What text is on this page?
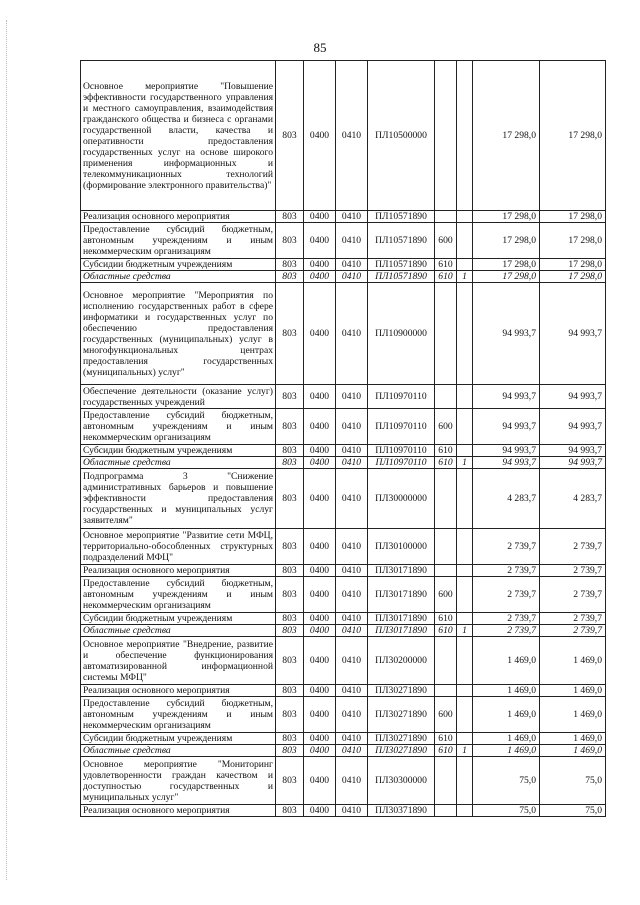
85
Основное мероприятие "Повышение эффективности государственного управления и местного самоуправления, взаимодействия гражданского общества и бизнеса с органами государственной власти, качества и оперативности предоставления государственных услуг на основе широкого применения информационных и телекоммуникационных технологий (формирование электронного правительства)"	803	0400	0410	ПЛ10500000			17 298,0	17 298,0
Реализация основного мероприятия	803	0400	0410	ПЛ10571890			17 298,0	17 298,0
Предоставление субсидий бюджетным, автономным учреждениям и иным некоммерческим организациям	803	0400	0410	ПЛ10571890	600		17 298,0	17 298,0
Субсидии бюджетным учреждениям	803	0400	0410	ПЛ10571890	610		17 298,0	17 298,0
Областные средства	803	0400	0410	ПЛ10571890	610	1	17 298,0	17 298,0
Основное мероприятие "Мероприятия по исполнению государственных работ в сфере информатики и государственных услуг по обеспечению предоставления государственных (муниципальных) услуг в многофункциональных центрах предоставления государственных (муниципальных) услуг"	803	0400	0410	ПЛ10900000			94 993,7	94 993,7
Обеспечение деятельности (оказание услуг) государственных учреждений	803	0400	0410	ПЛ10970110			94 993,7	94 993,7
Предоставление субсидий бюджетным, автономным учреждениям и иным некоммерческим организациям	803	0400	0410	ПЛ10970110	600		94 993,7	94 993,7
Субсидии бюджетным учреждениям	803	0400	0410	ПЛ10970110	610		94 993,7	94 993,7
Областные средства	803	0400	0410	ПЛ10970110	610	1	94 993,7	94 993,7
Подпрограмма 3 "Снижение административных барьеров и повышение эффективности предоставления государственных и муниципальных услуг заявителям"	803	0400	0410	ПЛ30000000			4 283,7	4 283,7
Основное мероприятие "Развитие сети МФЦ, территориально-обособленных структурных подразделений МФЦ"	803	0400	0410	ПЛ30100000			2 739,7	2 739,7
Реализация основного мероприятия	803	0400	0410	ПЛ30171890			2 739,7	2 739,7
Предоставление субсидий бюджетным, автономным учреждениям и иным некоммерческим организациям	803	0400	0410	ПЛ30171890	600		2 739,7	2 739,7
Субсидии бюджетным учреждениям	803	0400	0410	ПЛ30171890	610		2 739,7	2 739,7
Областные средства	803	0400	0410	ПЛ30171890	610	1	2 739,7	2 739,7
Основное мероприятие "Внедрение, развитие и обеспечение функционирования автоматизированной информационной системы МФЦ"	803	0400	0410	ПЛ30200000			1 469,0	1 469,0
Реализация основного мероприятия	803	0400	0410	ПЛ30271890			1 469,0	1 469,0
Предоставление субсидий бюджетным, автономным учреждениям и иным некоммерческим организациям	803	0400	0410	ПЛ30271890	600		1 469,0	1 469,0
Субсидии бюджетным учреждениям	803	0400	0410	ПЛ30271890	610		1 469,0	1 469,0
Областные средства	803	0400	0410	ПЛ30271890	610	1	1 469,0	1 469,0
Основное мероприятие "Мониторинг удовлетворенности граждан качеством и доступностью государственных и муниципальных услуг"	803	0400	0410	ПЛ30300000			75,0	75,0
Реализация основного мероприятия	803	0400	0410	ПЛ30371890			75,0	75,0
